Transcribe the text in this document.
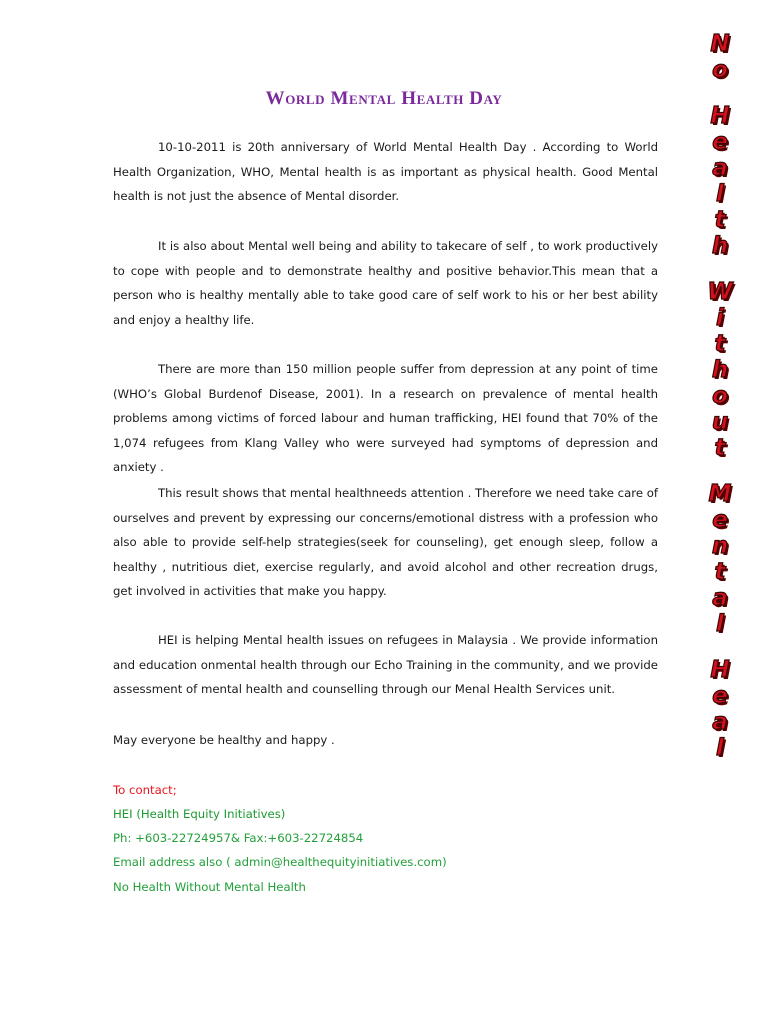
World Mental Health Day

10-10-2011 is 20th anniversary of World Mental Health Day . According to World Health Organization, WHO, Mental health is as important as physical health. Good Mental health is not just the absence of Mental disorder.

It is also about Mental well being and ability to takecare of self , to work productively to cope with people and to demonstrate healthy and positive behavior.This mean that a person who is healthy mentally able to take good care of self work to his or her best ability and enjoy a healthy life.

There are more than 150 million people suffer from depression at any point of time (WHO’s Global Burdenof Disease, 2001). In a research on prevalence of mental health problems among victims of forced labour and human trafficking, HEI found that 70% of the 1,074 refugees from Klang Valley who were surveyed had symptoms of depression and anxiety .

This result shows that mental healthneeds attention . Therefore we need take care of ourselves and prevent by expressing our concerns/emotional distress with a profession who also able to provide self-help strategies(seek for counseling), get enough sleep, follow a healthy , nutritious diet, exercise regularly, and avoid alcohol and other recreation drugs, get involved in activities that make you happy.

HEI is helping Mental health issues on refugees in Malaysia . We provide information and education onmental health through our Echo Training in the community, and we provide assessment of mental health and counselling through our Menal Health Services unit.

May everyone be healthy and happy .

To contact;
HEI (Health Equity Initiatives)
Ph: +603-22724957& Fax:+603-22724854
Email address also ( admin@healthequityinitiatives.com)
No Health Without Mental Health
N
o
H
e
a
l
t
h
W
i
t
h
o
u
t
M
e
n
t
a
l
H
e
a
l
